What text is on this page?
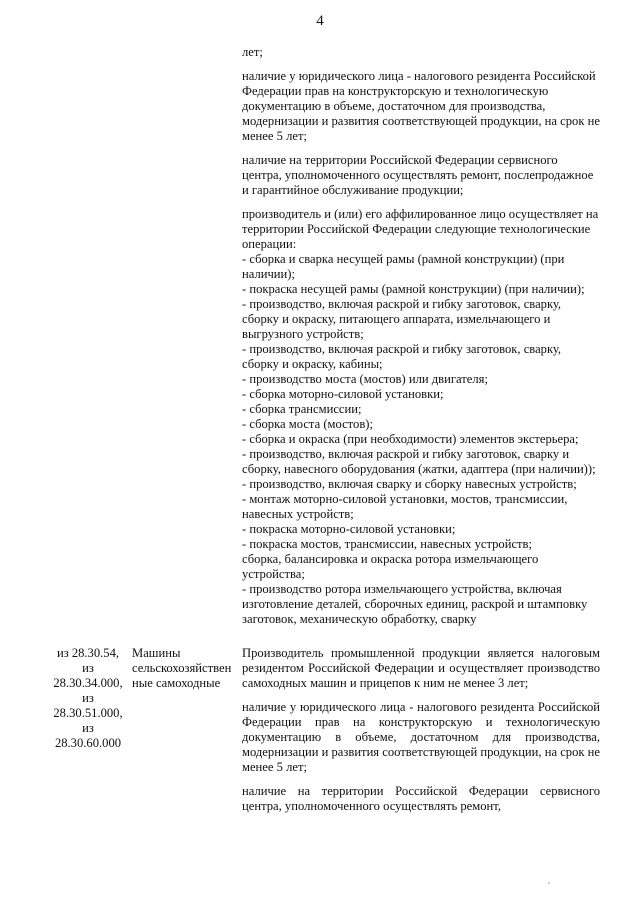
4

лет;

наличие у юридического лица - налогового резидента Российской Федерации прав на конструкторскую и технологическую документацию в объеме, достаточном для производства, модернизации и развития соответствующей продукции, на срок не менее 5 лет;

наличие на территории Российской Федерации сервисного центра, уполномоченного осуществлять ремонт, послепродажное и гарантийное обслуживание продукции;

производитель и (или) его аффилированное лицо осуществляет на территории Российской Федерации следующие технологические операции:
- сборка и сварка несущей рамы (рамной конструкции) (при наличии);
- покраска несущей рамы (рамной конструкции) (при наличии);
- производство, включая раскрой и гибку заготовок, сварку, сборку и окраску, питающего аппарата, измельчающего и выгрузного устройств;
- производство, включая раскрой и гибку заготовок, сварку, сборку и окраску, кабины;
- производство моста (мостов) или двигателя;
- сборка моторно-силовой установки;
- сборка трансмиссии;
- сборка моста (мостов);
- сборка и окраска (при необходимости) элементов экстерьера;
- производство, включая раскрой и гибку заготовок, сварку и сборку, навесного оборудования (жатки, адаптера (при наличии));
- производство, включая сварку и сборку навесных устройств;
- монтаж моторно-силовой установки, мостов, трансмиссии, навесных устройств;
- покраска моторно-силовой установки;
- покраска мостов, трансмиссии, навесных устройств;
сборка, балансировка и окраска ротора измельчающего устройства;
- производство ротора измельчающего устройства, включая изготовление деталей, сборочных единиц, раскрой и штамповку заготовок, механическую обработку, сварку
из 28.30.54,
из
28.30.34.000,
из
28.30.51.000,
из
28.30.60.000
Машины
сельскохозяйствен
ные самоходные

Производитель промышленной продукции является налоговым резидентом Российской Федерации и осуществляет производство самоходных машин и прицепов к ним не менее 3 лет;

наличие у юридического лица - налогового резидента Российской Федерации прав на конструкторскую и технологическую документацию в объеме, достаточном для производства, модернизации и развития соответствующей продукции, на срок не менее 5 лет;

наличие на территории Российской Федерации сервисного центра, уполномоченного осуществлять ремонт,
